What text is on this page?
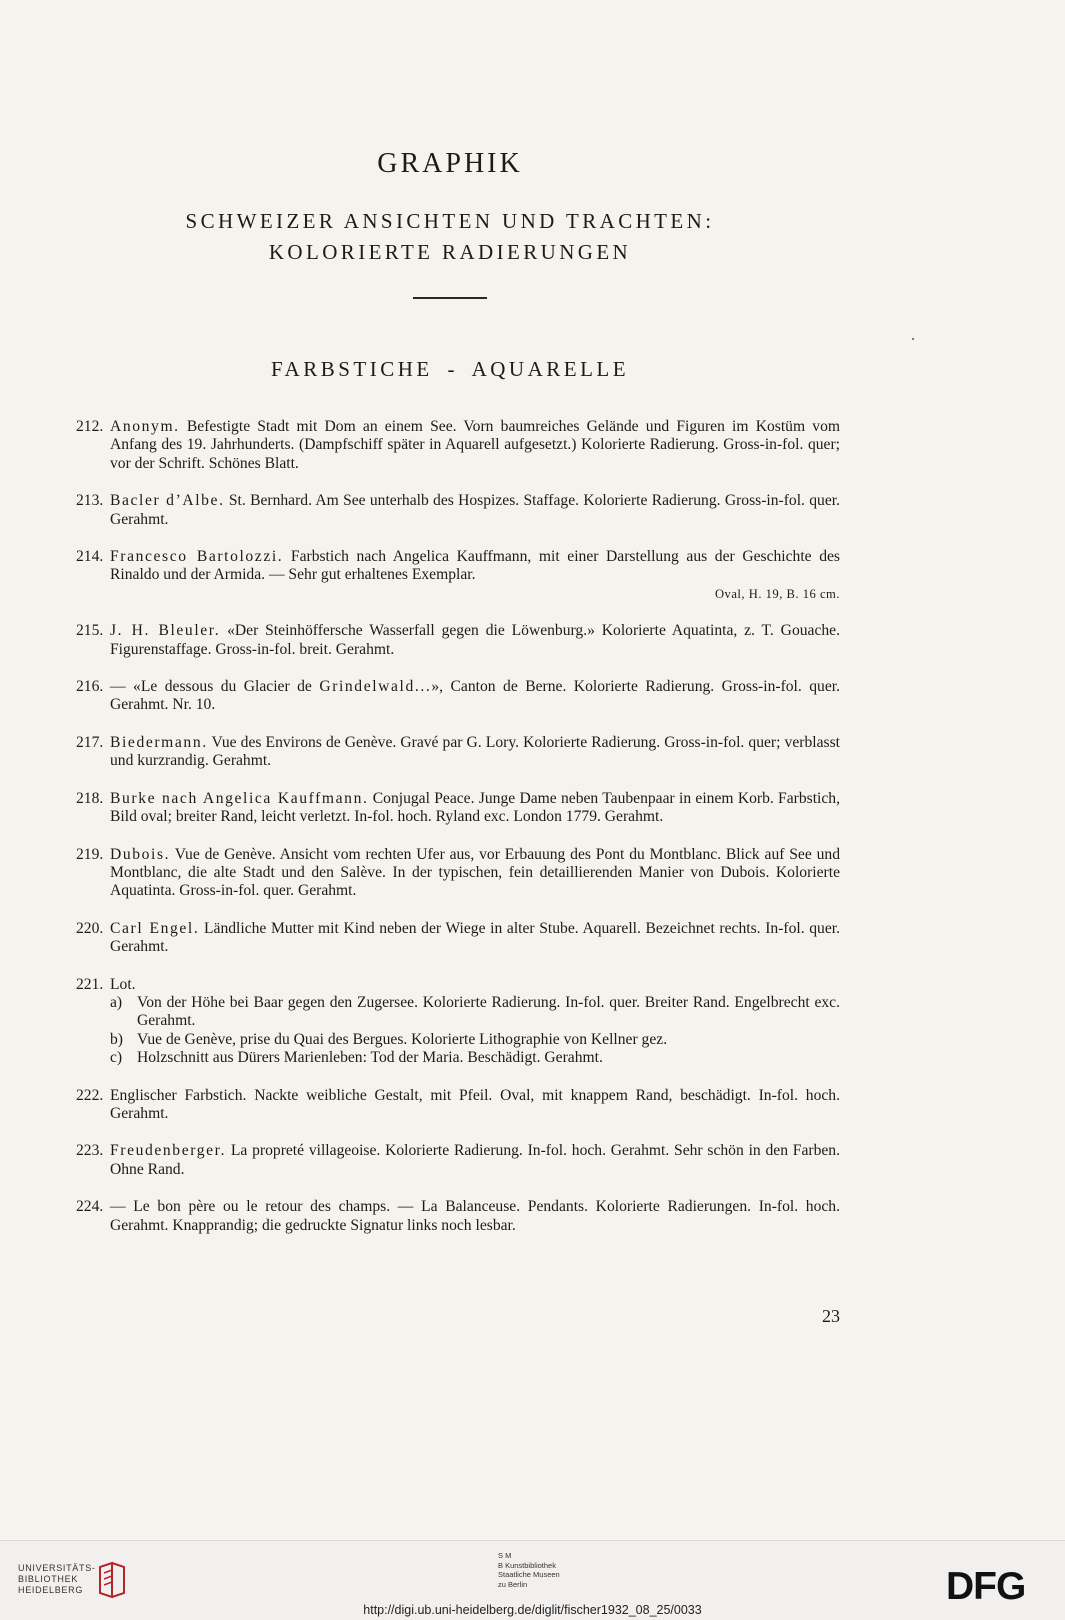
GRAPHIK
SCHWEIZER ANSICHTEN UND TRACHTEN:
KOLORIERTE RADIERUNGEN
FARBSTICHE - AQUARELLE
212. Anonym. Befestigte Stadt mit Dom an einem See. Vorn baumreiches Gelände und Figuren im Kostüm vom Anfang des 19. Jahrhunderts. (Dampfschiff später in Aquarell aufgesetzt.) Kolorierte Radierung. Gross-in-fol. quer; vor der Schrift. Schönes Blatt.
213. Bacler d’Albe. St. Bernhard. Am See unterhalb des Hospizes. Staffage. Kolorierte Radierung. Gross-in-fol. quer. Gerahmt.
214. Francesco Bartolozzi. Farbstich nach Angelica Kauffmann, mit einer Darstellung aus der Geschichte des Rinaldo und der Armida. — Sehr gut erhaltenes Exemplar.
Oval, H. 19, B. 16 cm.
215. J. H. Bleuler. «Der Steinhöffersche Wasserfall gegen die Löwenburg.» Kolorierte Aquatinta, z. T. Gouache. Figurenstaffage. Gross-in-fol. breit. Gerahmt.
216. — «Le dessous du Glacier de Grindelwald...», Canton de Berne. Kolorierte Radierung. Gross-in-fol. quer. Gerahmt. Nr. 10.
217. Biedermann. Vue des Environs de Genève. Gravé par G. Lory. Kolorierte Radierung. Gross-in-fol. quer; verblasst und kurzrandig. Gerahmt.
218. Burke nach Angelica Kauffmann. Conjugal Peace. Junge Dame neben Taubenpaar in einem Korb. Farbstich, Bild oval; breiter Rand, leicht verletzt. In-fol. hoch. Ryland exc. London 1779. Gerahmt.
219. Dubois. Vue de Genève. Ansicht vom rechten Ufer aus, vor Erbauung des Pont du Montblanc. Blick auf See und Montblanc, die alte Stadt und den Salève. In der typischen, fein detaillierenden Manier von Dubois. Kolorierte Aquatinta. Gross-in-fol. quer. Gerahmt.
220. Carl Engel. Ländliche Mutter mit Kind neben der Wiege in alter Stube. Aquarell. Bezeichnet rechts. In-fol. quer. Gerahmt.
221. Lot.
a) Von der Höhe bei Baar gegen den Zugersee. Kolorierte Radierung. In-fol. quer. Breiter Rand. Engelbrecht exc. Gerahmt.
b) Vue de Genève, prise du Quai des Bergues. Kolorierte Lithographie von Kellner gez.
c) Holzschnitt aus Dürers Marienleben: Tod der Maria. Beschädigt. Gerahmt.
222. Englischer Farbstich. Nackte weibliche Gestalt, mit Pfeil. Oval, mit knappem Rand, beschädigt. In-fol. hoch. Gerahmt.
223. Freudenberger. La propreté villageoise. Kolorierte Radierung. In-fol. hoch. Gerahmt. Sehr schön in den Farben. Ohne Rand.
224. — Le bon père ou le retour des champs. — La Balanceuse. Pendants. Kolorierte Radierungen. In-fol. hoch. Gerahmt. Knapprandig; die gedruckte Signatur links noch lesbar.
23
UNIVERSITÄTS-
BIBLIOTHEK
HEIDELBERG
S M
B Kunstbibliothek
Staatliche Museen
zu Berlin	DFG
http://digi.ub.uni-heidelberg.de/diglit/fischer1932_08_25/0033
